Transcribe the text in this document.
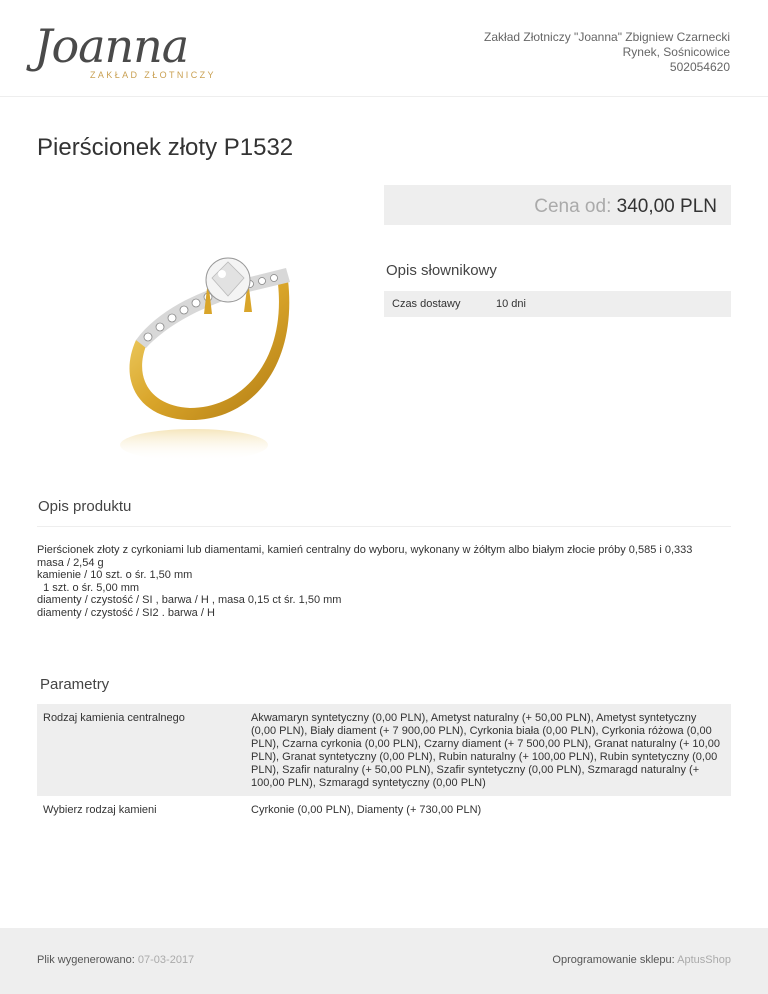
Joanna
ZAKŁAD ZŁOTNICZY
Zakład Złotniczy "Joanna" Zbigniew Czarnecki
Rynek, Sośnicowice
502054620
Pierścionek złoty P1532
Cena od: 340,00 PLN
Opis słownikowy
Czas dostawy	10 dni
Opis produktu
Pierścionek złoty z cyrkoniami lub diamentami, kamień centralny do wyboru, wykonany w żółtym albo białym złocie próby 0,585 i 0,333
masa / 2,54 g
kamienie / 10 szt. o śr. 1,50 mm
1 szt. o śr. 5,00 mm
diamenty / czystość / SI , barwa / H , masa 0,15 ct śr. 1,50 mm
diamenty / czystość / SI2 . barwa / H
Parametry
Rodzaj kamienia centralnego	Akwamaryn syntetyczny (0,00 PLN), Ametyst naturalny (+ 50,00 PLN), Ametyst syntetyczny (0,00 PLN), Biały diament (+ 7 900,00 PLN), Cyrkonia biała (0,00 PLN), Cyrkonia różowa (0,00 PLN), Czarna cyrkonia (0,00 PLN), Czarny diament (+ 7 500,00 PLN), Granat naturalny (+ 10,00 PLN), Granat syntetyczny (0,00 PLN), Rubin naturalny (+ 100,00 PLN), Rubin syntetyczny (0,00 PLN), Szafir naturalny (+ 50,00 PLN), Szafir syntetyczny (0,00 PLN), Szmaragd naturalny (+ 100,00 PLN), Szmaragd syntetyczny (0,00 PLN)
Wybierz rodzaj kamieni	Cyrkonie (0,00 PLN), Diamenty (+ 730,00 PLN)
Plik wygenerowano: 07-03-2017	Oprogramowanie sklepu: AptusShop
